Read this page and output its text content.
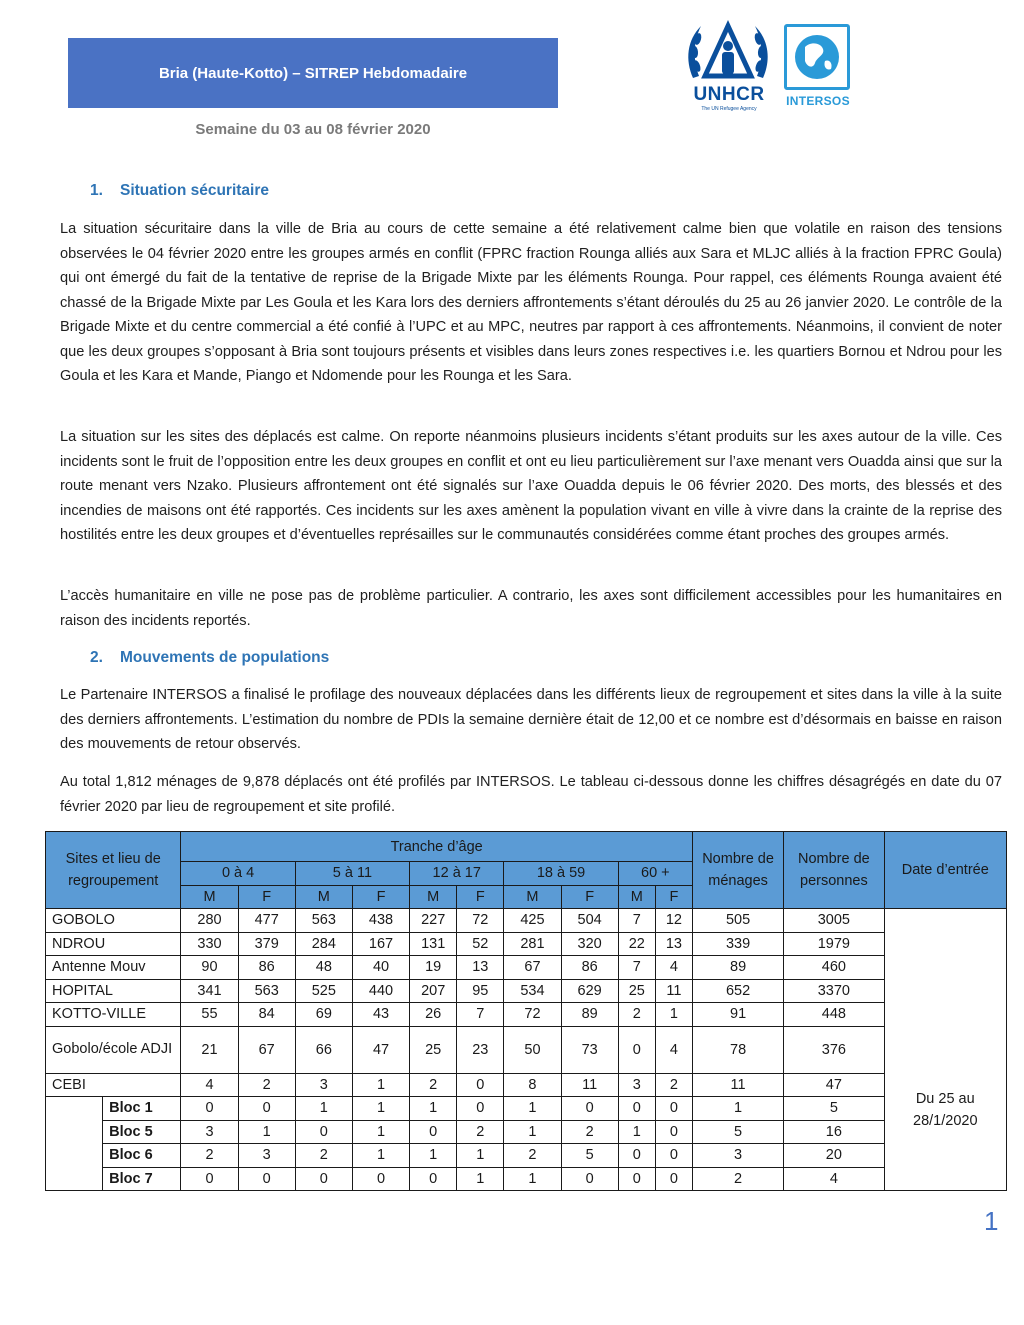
Bria (Haute-Kotto) – SITREP Hebdomadaire
Semaine du 03 au 08 février 2020
UNHCR
The UN Refugee Agency
INTERSOS
1. Situation sécuritaire

La situation sécuritaire dans la ville de Bria au cours de cette semaine a été relativement calme bien que volatile en raison des tensions observées le 04 février 2020 entre les groupes armés en conflit (FPRC fraction Rounga alliés aux Sara et MLJC alliés à la fraction FPRC Goula) qui ont émergé du fait de la tentative de reprise de la Brigade Mixte par les éléments Rounga. Pour rappel, ces éléments Rounga avaient été chassé de la Brigade Mixte par Les Goula et les Kara lors des derniers affrontements s’étant déroulés du 25 au 26 janvier 2020. Le contrôle de la Brigade Mixte et du centre commercial a été confié à l’UPC et au MPC, neutres par rapport à ces affrontements. Néanmoins, il convient de noter que les deux groupes s’opposant à Bria sont toujours présents et visibles dans leurs zones respectives i.e. les quartiers Bornou et Ndrou pour les Goula et les Kara et Mande, Piango et Ndomende pour les Rounga et les Sara.

La situation sur les sites des déplacés est calme. On reporte néanmoins plusieurs incidents s’étant produits sur les axes autour de la ville. Ces incidents sont le fruit de l’opposition entre les deux groupes en conflit et ont eu lieu particulièrement sur l’axe menant vers Ouadda ainsi que sur la route menant vers Nzako. Plusieurs affrontement ont été signalés sur l’axe Ouadda depuis le 06 février 2020. Des morts, des blessés et des incendies de maisons ont été rapportés. Ces incidents sur les axes amènent la population vivant en ville à vivre dans la crainte de la reprise des hostilités entre les deux groupes et d’éventuelles représailles sur le communautés considérées comme étant proches des groupes armés.

L’accès humanitaire en ville ne pose pas de problème particulier. A contrario, les axes sont difficilement accessibles pour les humanitaires en raison des incidents reportés.

2. Mouvements de populations

Le Partenaire INTERSOS a finalisé le profilage des nouveaux déplacées dans les différents lieux de regroupement et sites dans la ville à la suite des derniers affrontements. L’estimation du nombre de PDIs la semaine dernière était de 12,00 et ce nombre est d’désormais en baisse en raison des mouvements de retour observés.

Au total 1,812 ménages de 9,878 déplacés ont été profilés par INTERSOS. Le tableau ci-dessous donne les chiffres désagrégés en date du 07 février 2020 par lieu de regroupement et site profilé.

Sites et lieu de regroupement		Tranche d’âge										Nombre de ménages	Nombre de personnes	Date d’entrée
		0 à 4		5 à 11		12 à 17		18 à 59		60 +				
		M	F	M	F	M	F	M	F	M	F			
GOBOLO		280	477	563	438	227	72	425	504	7	12	505	3005	Du 25 au 28/1/2020
NDROU		330	379	284	167	131	52	281	320	22	13	339	1979	
Antenne Mouv		90	86	48	40	19	13	67	86	7	4	89	460	
HOPITAL		341	563	525	440	207	95	534	629	25	11	652	3370	
KOTTO-VILLE		55	84	69	43	26	7	72	89	2	1	91	448	
Gobolo/école ADJI		21	67	66	47	25	23	50	73	0	4	78	376	
CEBI		4	2	3	1	2	0	8	11	3	2	11	47	
	Bloc 1	0	0	1	1	1	0	1	0	0	0	1	5	
	Bloc 5	3	1	0	1	0	2	1	2	1	0	5	16	
	Bloc 6	2	3	2	1	1	1	2	5	0	0	3	20	
	Bloc 7	0	0	0	0	0	1	1	0	0	0	2	4	
1
